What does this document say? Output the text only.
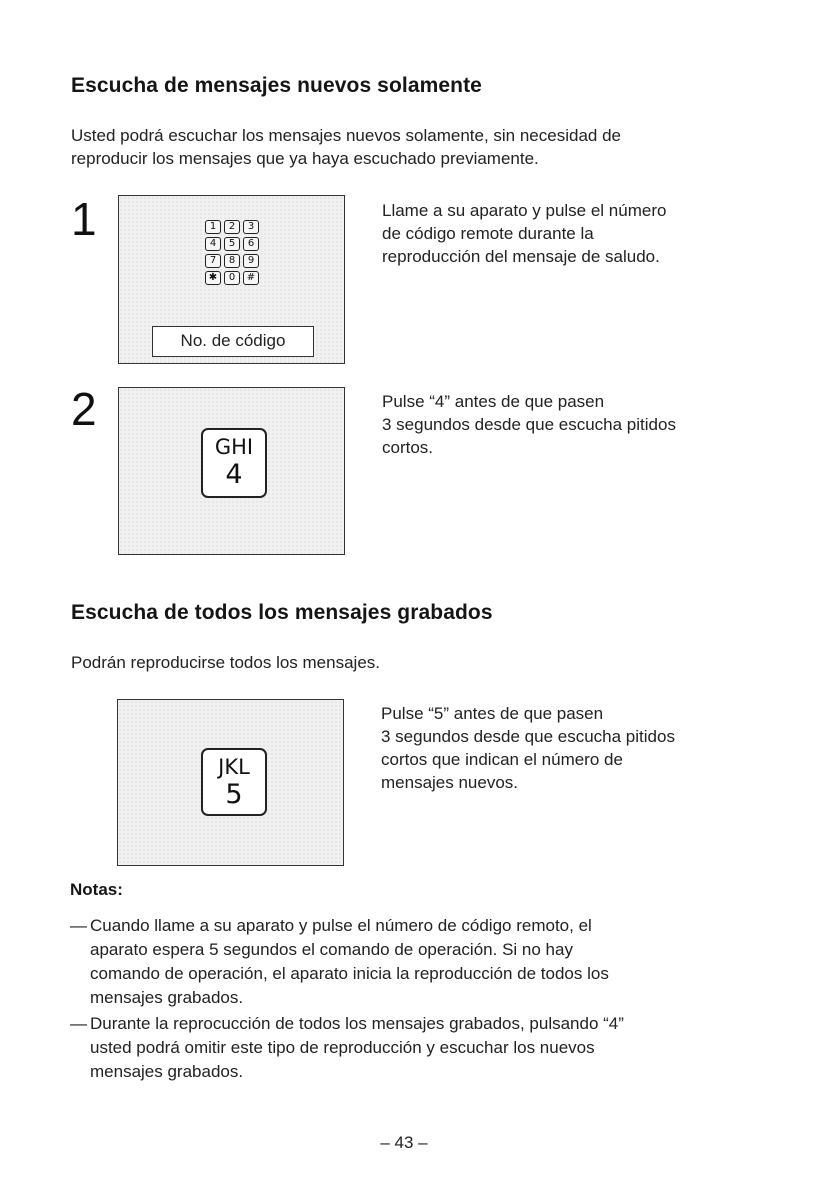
Escucha de mensajes nuevos solamente
Usted podrá escuchar los mensajes nuevos solamente, sin necesidad de
reproducir los mensajes que ya haya escuchado previamente.
1	1	2	3
4	5	6
7	8	9
✱	0	#
No. de código
Llame a su aparato y pulse el número
de código remote durante la
reproducción del mensaje de saludo.
2
GHI
4
Pulse “4” antes de que pasen
3 segundos desde que escucha pitidos
cortos.
Escucha de todos los mensajes grabados
Podrán reproducirse todos los mensajes.
JKL
5
Pulse “5” antes de que pasen
3 segundos desde que escucha pitidos
cortos que indican el número de
mensajes nuevos.
Notas:
— Cuando llame a su aparato y pulse el número de código remoto, el
aparato espera 5 segundos el comando de operación. Si no hay
comando de operación, el aparato inicia la reproducción de todos los
mensajes grabados.
— Durante la reprocucción de todos los mensajes grabados, pulsando “4”
usted podrá omitir este tipo de reproducción y escuchar los nuevos
mensajes grabados.
– 43 –
